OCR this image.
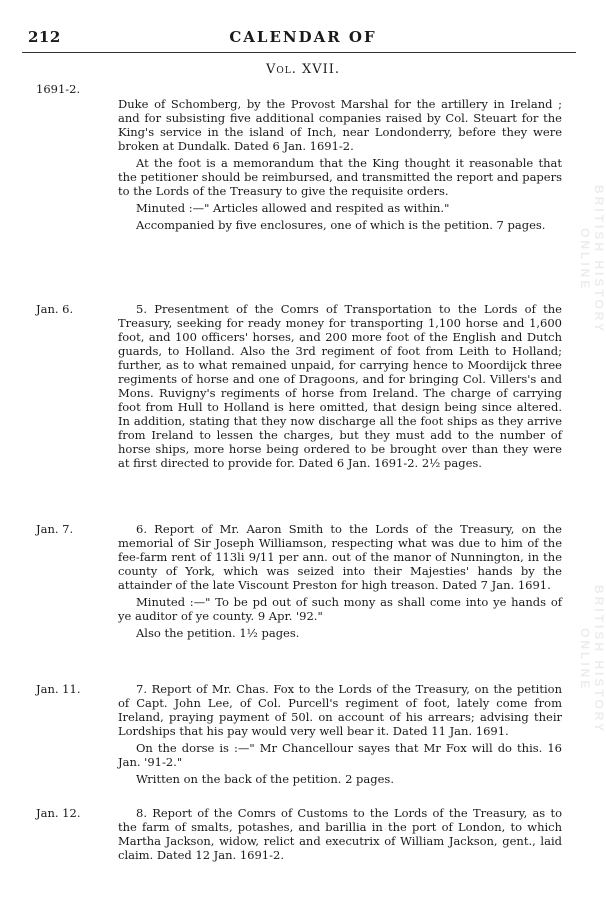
212	CALENDAR OF
Vol. XVII.
1691-2.
Jan. 6.
Jan. 7.
Jan. 11.
Jan. 12.

Duke of Schomberg, by the Provost Marshal for the artillery in Ireland ; and for subsisting five additional companies raised by Col. Steuart for the King's service in the island of Inch, near Londonderry, before they were broken at Dundalk. Dated 6 Jan. 1691-2.

At the foot is a memorandum that the King thought it reasonable that the petitioner should be reimbursed, and transmitted the report and papers to the Lords of the Treasury to give the requisite orders.

Minuted :—" Articles allowed and respited as within."

Accompanied by five enclosures, one of which is the petition. 7 pages.

5. Presentment of the Comrs of Transportation to the Lords of the Treasury, seeking for ready money for transporting 1,100 horse and 1,600 foot, and 100 officers' horses, and 200 more foot of the English and Dutch guards, to Holland. Also the 3rd regiment of foot from Leith to Holland; further, as to what remained unpaid, for carrying hence to Moordijck three regiments of horse and one of Dragoons, and for bringing Col. Villers's and Mons. Ruvigny's regiments of horse from Ireland. The charge of carrying foot from Hull to Holland is here omitted, that design being since altered. In addition, stating that they now discharge all the foot ships as they arrive from Ireland to lessen the charges, but they must add to the number of horse ships, more horse being ordered to be brought over than they were at first directed to provide for. Dated 6 Jan. 1691-2. 2½ pages.

6. Report of Mr. Aaron Smith to the Lords of the Treasury, on the memorial of Sir Joseph Williamson, respecting what was due to him of the fee-farm rent of 113li 9/11 per ann. out of the manor of Nunnington, in the county of York, which was seized into their Majesties' hands by the attainder of the late Viscount Preston for high treason. Dated 7 Jan. 1691.

Minuted :—" To be pd out of such mony as shall come into ye hands of ye auditor of ye county. 9 Apr. '92."

Also the petition. 1½ pages.

7. Report of Mr. Chas. Fox to the Lords of the Treasury, on the petition of Capt. John Lee, of Col. Purcell's regiment of foot, lately come from Ireland, praying payment of 50l. on account of his arrears; advising their Lordships that his pay would very well bear it. Dated 11 Jan. 1691.

On the dorse is :—" Mr Chancellour sayes that Mr Fox will do this. 16 Jan. '91-2."

Written on the back of the petition. 2 pages.

8. Report of the Comrs of Customs to the Lords of the Treasury, as to the farm of smalts, potashes, and barillia in the port of London, to which Martha Jackson, widow, relict and executrix of William Jackson, gent., laid claim. Dated 12 Jan. 1691-2.

BRITISH HISTORY ONLINE
BRITISH HISTORY ONLINE
